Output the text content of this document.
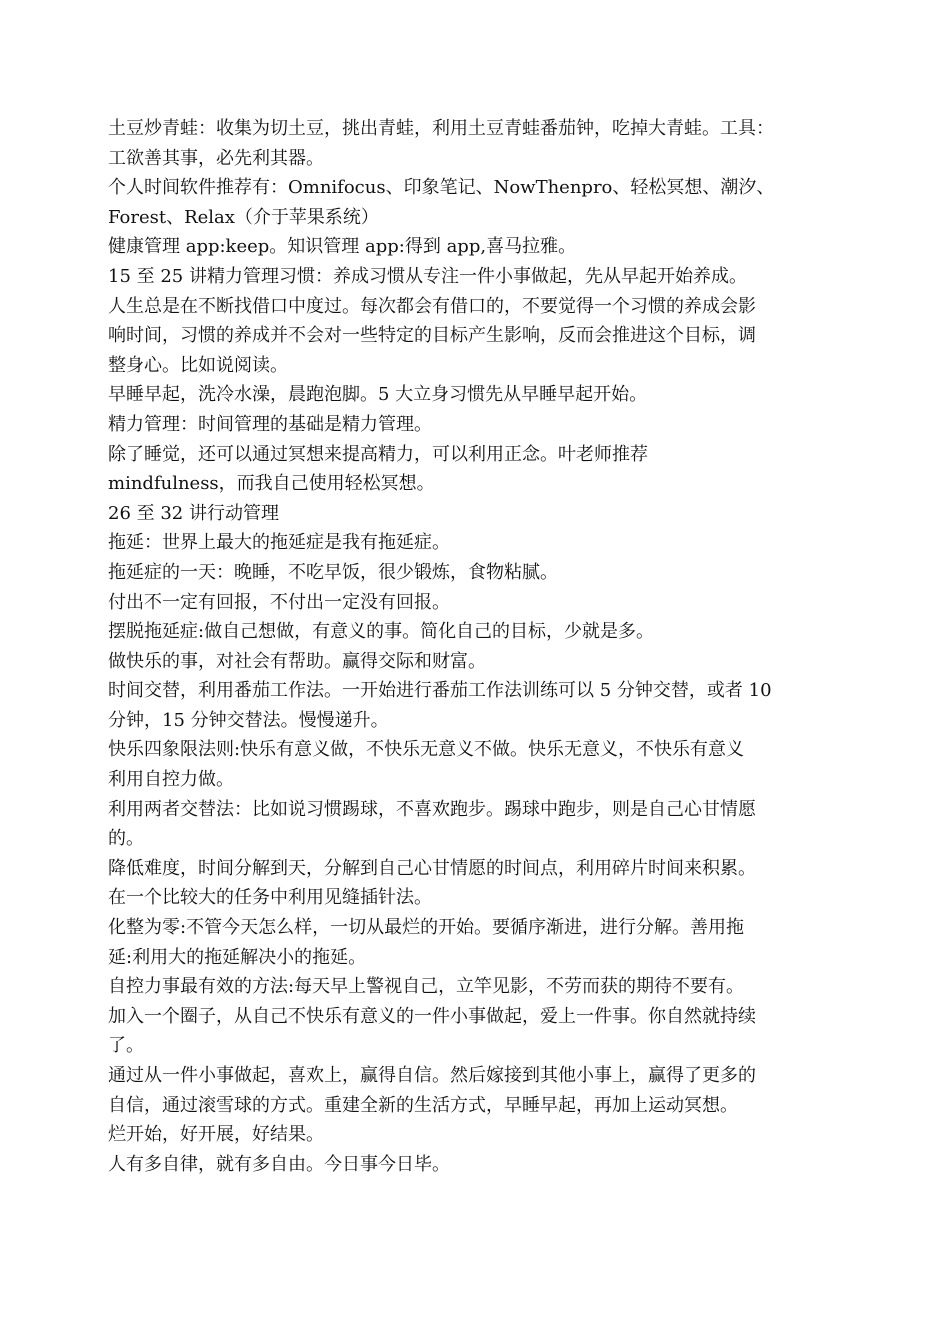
土豆炒青蛙：收集为切土豆，挑出青蛙，利用土豆青蛙番茄钟，吃掉大青蛙。工具：
工欲善其事，必先利其器。

个人时间软件推荐有：Omnifocus、印象笔记、NowThenpro、轻松冥想、潮汐、
Forest、Relax（介于苹果系统）

健康管理 app:keep。知识管理 app:得到 app,喜马拉雅。

15 至 25 讲精力管理习惯：养成习惯从专注一件小事做起，先从早起开始养成。

人生总是在不断找借口中度过。每次都会有借口的，不要觉得一个习惯的养成会影
响时间，习惯的养成并不会对一些特定的目标产生影响，反而会推进这个目标，调
整身心。比如说阅读。

早睡早起，洗冷水澡，晨跑泡脚。5 大立身习惯先从早睡早起开始。

精力管理：时间管理的基础是精力管理。

除了睡觉，还可以通过冥想来提高精力，可以利用正念。叶老师推荐
mindfulness，而我自己使用轻松冥想。

26 至 32 讲行动管理

拖延：世界上最大的拖延症是我有拖延症。

拖延症的一天：晚睡，不吃早饭，很少锻炼，食物粘腻。

付出不一定有回报，不付出一定没有回报。

摆脱拖延症:做自己想做，有意义的事。简化自己的目标，少就是多。

做快乐的事，对社会有帮助。赢得交际和财富。

时间交替，利用番茄工作法。一开始进行番茄工作法训练可以 5 分钟交替，或者 10
分钟，15 分钟交替法。慢慢递升。

快乐四象限法则:快乐有意义做，不快乐无意义不做。快乐无意义，不快乐有意义
利用自控力做。

利用两者交替法：比如说习惯踢球，不喜欢跑步。踢球中跑步，则是自己心甘情愿
的。

降低难度，时间分解到天，分解到自己心甘情愿的时间点，利用碎片时间来积累。
在一个比较大的任务中利用见缝插针法。

化整为零:不管今天怎么样，一切从最烂的开始。要循序渐进，进行分解。善用拖
延:利用大的拖延解决小的拖延。

自控力事最有效的方法:每天早上警视自己，立竿见影，不劳而获的期待不要有。

加入一个圈子，从自己不快乐有意义的一件小事做起，爱上一件事。你自然就持续
了。

通过从一件小事做起，喜欢上，赢得自信。然后嫁接到其他小事上，赢得了更多的
自信，通过滚雪球的方式。重建全新的生活方式，早睡早起，再加上运动冥想。

烂开始，好开展，好结果。

人有多自律，就有多自由。今日事今日毕。
